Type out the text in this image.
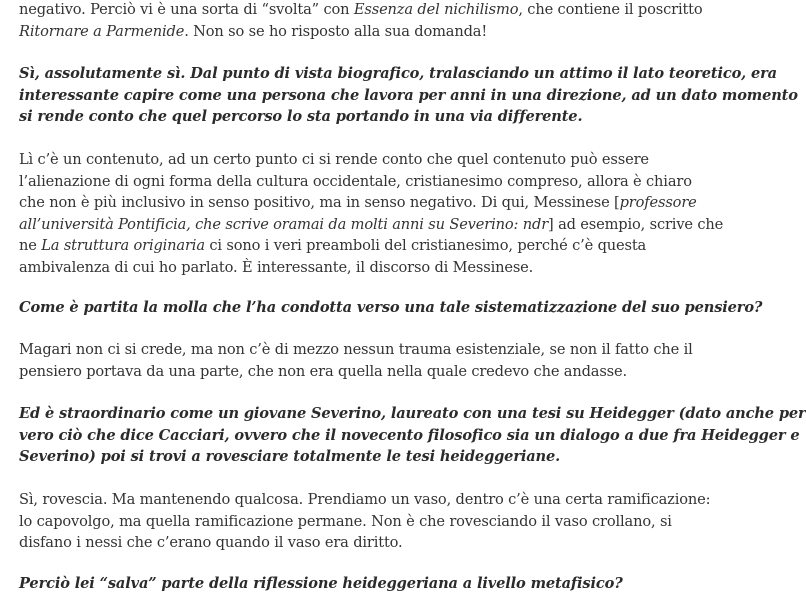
negativo. Perciò vi è una sorta di “svolta” con Essenza del nichilismo, che contiene il poscritto
Ritornare a Parmenide. Non so se ho risposto alla sua domanda!

Sì, assolutamente sì. Dal punto di vista biografico, tralasciando un attimo il lato teoretico, era
interessante capire come una persona che lavora per anni in una direzione, ad un dato momento
si rende conto che quel percorso lo sta portando in una via differente.

Lì c’è un contenuto, ad un certo punto ci si rende conto che quel contenuto può essere
l’alienazione di ogni forma della cultura occidentale, cristianesimo compreso, allora è chiaro
che non è più inclusivo in senso positivo, ma in senso negativo. Di qui, Messinese [professore
all’università Pontificia, che scrive oramai da molti anni su Severino: ndr] ad esempio, scrive che
ne La struttura originaria ci sono i veri preamboli del cristianesimo, perché c’è questa
ambivalenza di cui ho parlato. È interessante, il discorso di Messinese.

Come è partita la molla che l’ha condotta verso una tale sistematizzazione del suo pensiero?

Magari non ci si crede, ma non c’è di mezzo nessun trauma esistenziale, se non il fatto che il
pensiero portava da una parte, che non era quella nella quale credevo che andasse.

Ed è straordinario come un giovane Severino, laureato con una tesi su Heidegger (dato anche per
vero ciò che dice Cacciari, ovvero che il novecento filosofico sia un dialogo a due fra Heidegger e
Severino) poi si trovi a rovesciare totalmente le tesi heideggeriane.

Sì, rovescia. Ma mantenendo qualcosa. Prendiamo un vaso, dentro c’è una certa ramificazione:
lo capovolgo, ma quella ramificazione permane. Non è che rovesciando il vaso crollano, si
disfano i nessi che c’erano quando il vaso era diritto.

Perciò lei “salva” parte della riflessione heideggeriana a livello metafisico?
